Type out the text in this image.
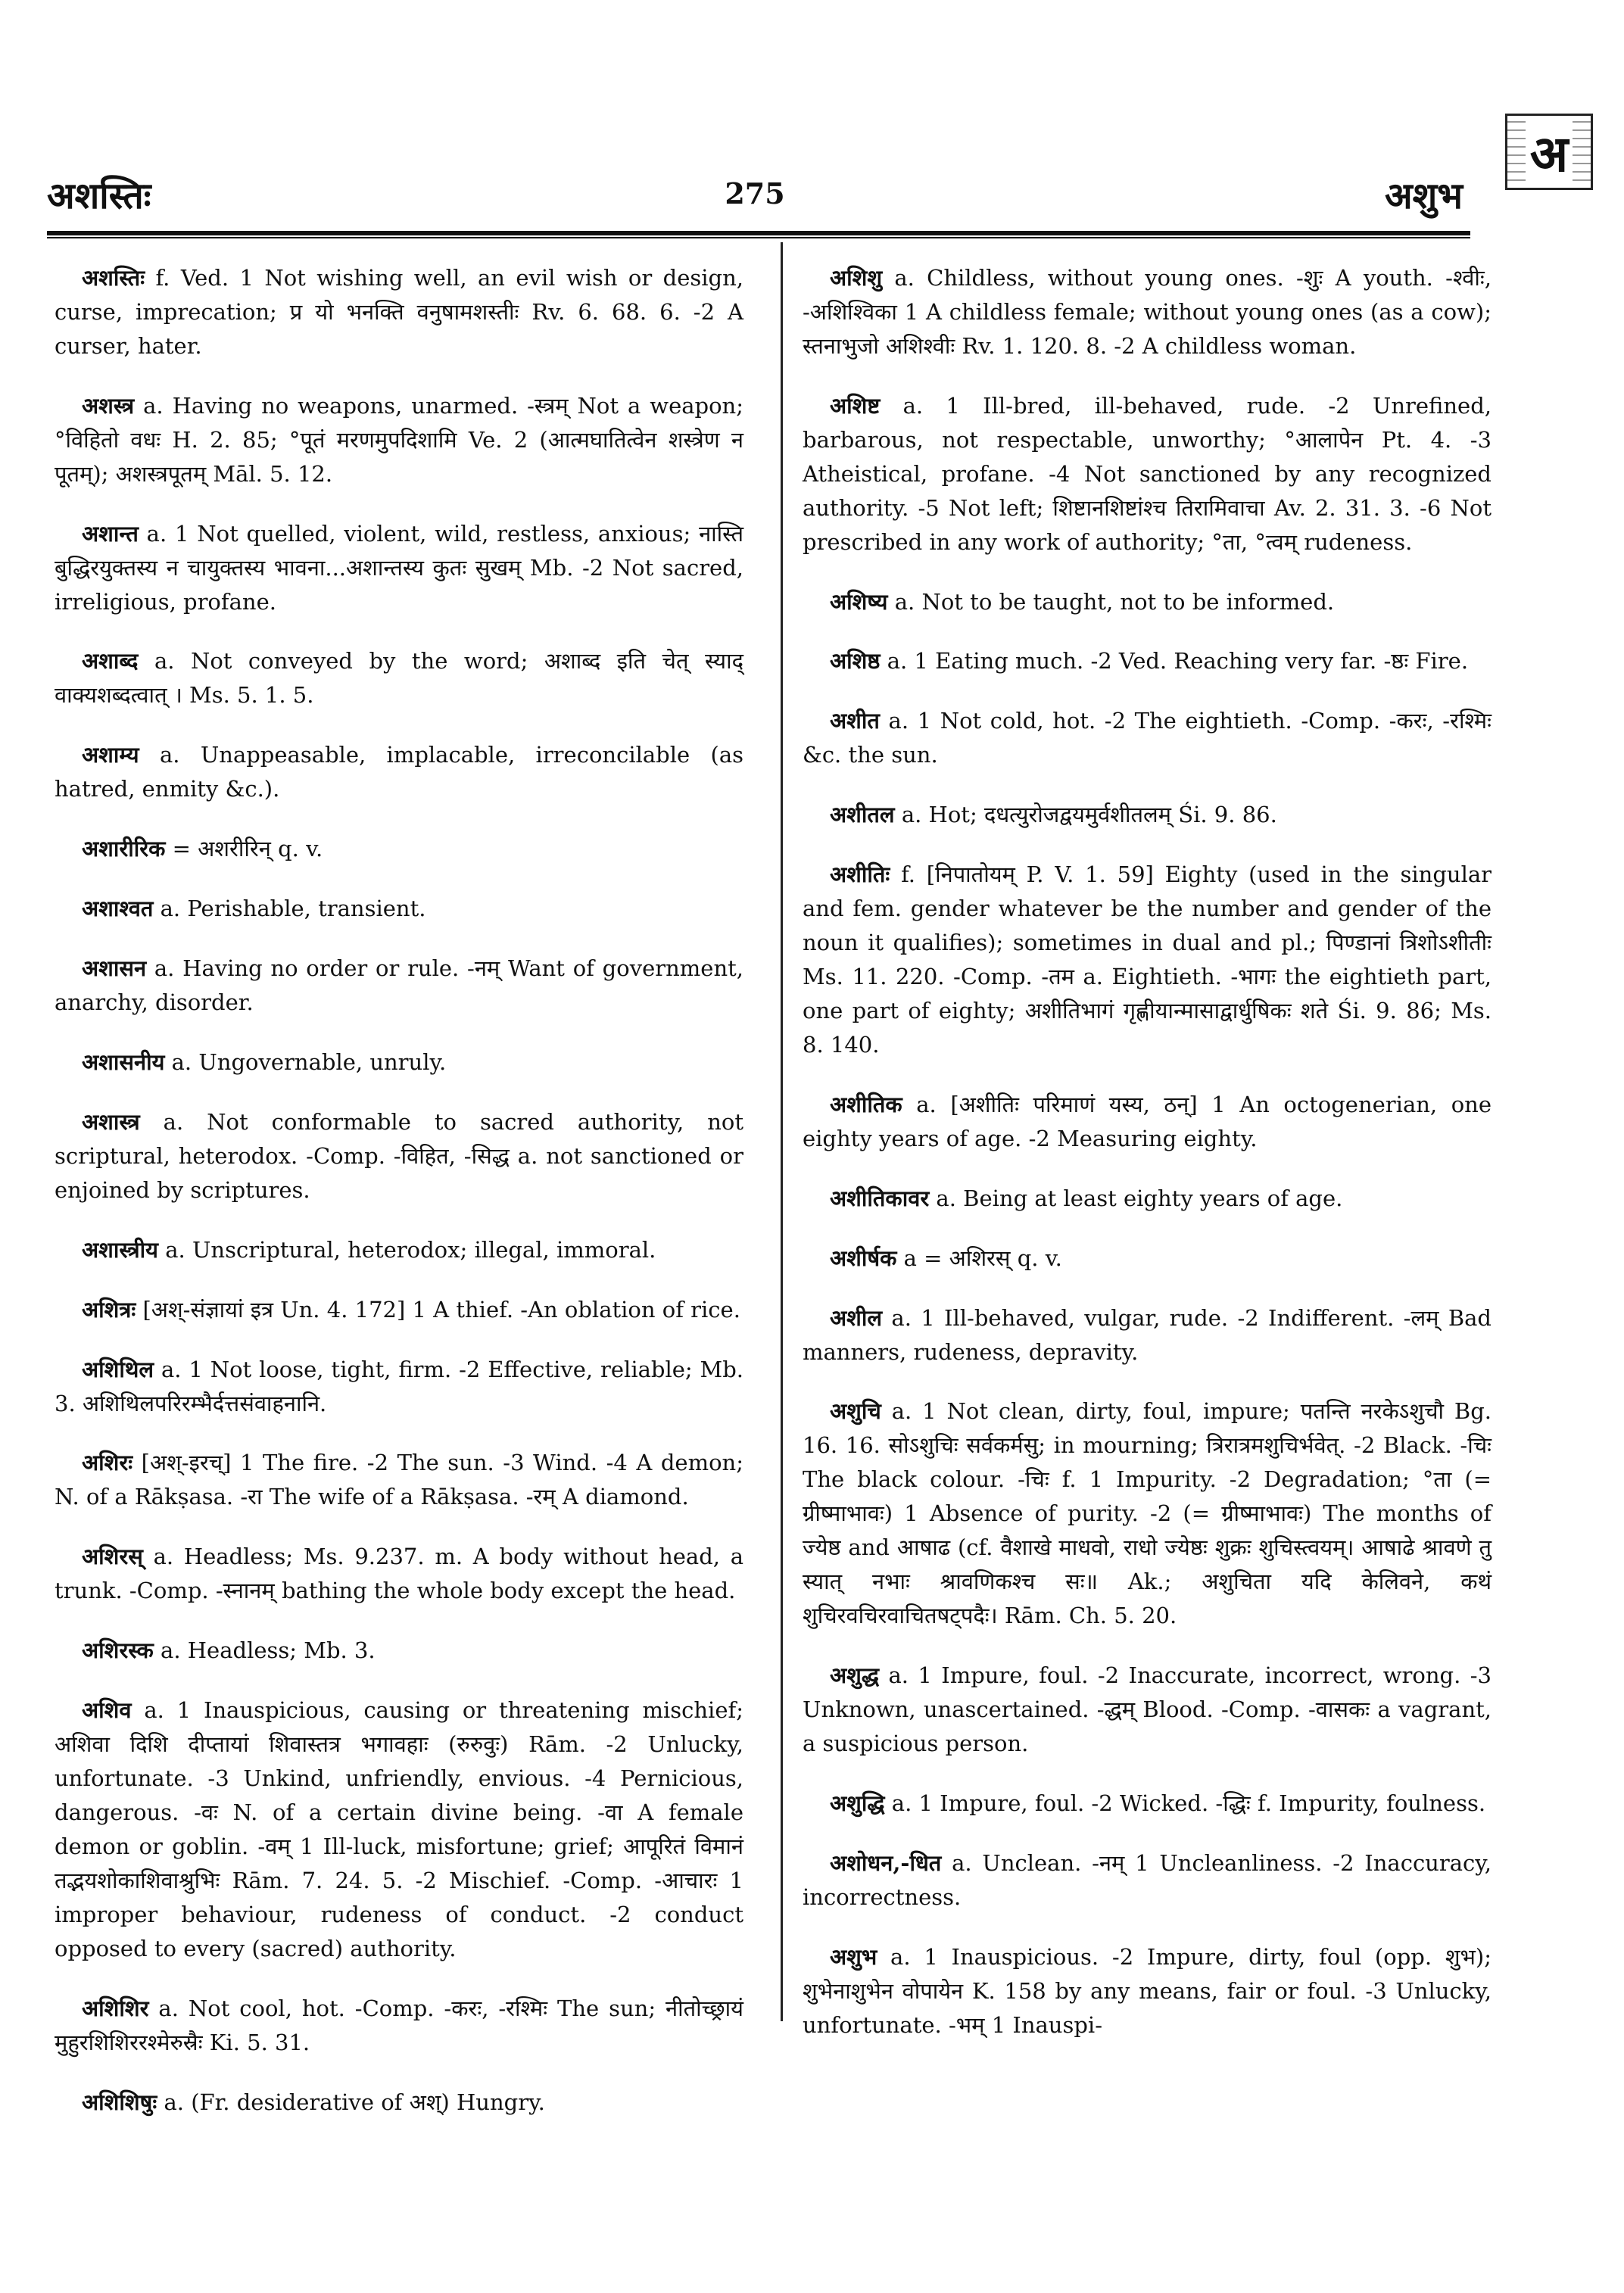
अशस्तिः	275	अशुभ
अ

अशस्तिः f. Ved. 1 Not wishing well, an evil wish or design, curse, imprecation; प्र यो भनक्ति वनुषामशस्तीः Rv. 6. 68. 6. -2 A curser, hater.

अशस्त्र a. Having no weapons, unarmed. -स्त्रम् Not a weapon; °विहितो वधः H. 2. 85; °पूतं मरणमुपदिशामि Ve. 2 (आत्मघातित्वेन शस्त्रेण न पूतम्); अशस्त्रपूतम् Māl. 5. 12.

अशान्त a. 1 Not quelled, violent, wild, restless, anxious; नास्ति बुद्धिरयुक्तस्य न चायुक्तस्य भावना...अशान्तस्य कुतः सुखम् Mb. -2 Not sacred, irreligious, profane.

अशाब्द a. Not conveyed by the word; अशाब्द इति चेत् स्याद् वाक्यशब्दत्वात् । Ms. 5. 1. 5.

अशाम्य a. Unappeasable, implacable, irreconcilable (as hatred, enmity &c.).

अशारीरिक = अशरीरिन् q. v.

अशाश्वत a. Perishable, transient.

अशासन a. Having no order or rule. -नम् Want of government, anarchy, disorder.

अशासनीय a. Ungovernable, unruly.

अशास्त्र a. Not conformable to sacred authority, not scriptural, heterodox. -Comp. -विहित, -सिद्ध a. not sanctioned or enjoined by scriptures.

अशास्त्रीय a. Unscriptural, heterodox; illegal, immoral.

अशित्रः [अश्-संज्ञायां इत्र Un. 4. 172] 1 A thief. -An oblation of rice.

अशिथिल a. 1 Not loose, tight, firm. -2 Effective, reliable; Mb. 3. अशिथिलपरिरम्भैर्दत्तसंवाहनानि.

अशिरः [अश्-इरच्] 1 The fire. -2 The sun. -3 Wind. -4 A demon; N. of a Rākṣasa. -रा The wife of a Rākṣasa. -रम् A diamond.

अशिरस् a. Headless; Ms. 9.237. m. A body without head, a trunk. -Comp. -स्नानम् bathing the whole body except the head.

अशिरस्क a. Headless; Mb. 3.

अशिव a. 1 Inauspicious, causing or threatening mischief; अशिवा दिशि दीप्तायां शिवास्तत्र भगावहाः (रुरुवुः) Rām. -2 Unlucky, unfortunate. -3 Unkind, unfriendly, envious. -4 Pernicious, dangerous. -वः N. of a certain divine being. -वा A female demon or goblin. -वम् 1 Ill-luck, misfortune; grief; आपूरितं विमानं तद्भयशोकाशिवाश्रुभिः Rām. 7. 24. 5. -2 Mischief. -Comp. -आचारः 1 improper behaviour, rudeness of conduct. -2 conduct opposed to every (sacred) authority.

अशिशिर a. Not cool, hot. -Comp. -करः, -रश्मिः The sun; नीतोच्छ्रायं मुहुरशिशिररश्मेरुस्रैः Ki. 5. 31.

अशिशिषुः a. (Fr. desiderative of अश्) Hungry.

अशिशु a. Childless, without young ones. -शुः A youth. -श्वीः, -अशिश्विका 1 A childless female; without young ones (as a cow); स्तनाभुजो अशिश्वीः Rv. 1. 120. 8. -2 A childless woman.

अशिष्ट a. 1 Ill-bred, ill-behaved, rude. -2 Unrefined, barbarous, not respectable, unworthy; °आलापेन Pt. 4. -3 Atheistical, profane. -4 Not sanctioned by any recognized authority. -5 Not left; शिष्टानशिष्टांश्च तिरामिवाचा Av. 2. 31. 3. -6 Not prescribed in any work of authority; °ता, °त्वम् rudeness.

अशिष्य a. Not to be taught, not to be informed.

अशिष्ठ a. 1 Eating much. -2 Ved. Reaching very far. -ष्ठः Fire.

अशीत a. 1 Not cold, hot. -2 The eightieth. -Comp. -करः, -रश्मिः &c. the sun.

अशीतल a. Hot; दधत्युरोजद्वयमुर्वशीतलम् Śi. 9. 86.

अशीतिः f. [निपातोयम् P. V. 1. 59] Eighty (used in the singular and fem. gender whatever be the number and gender of the noun it qualifies); sometimes in dual and pl.; पिण्डानां त्रिशोऽशीतीः Ms. 11. 220. -Comp. -तम a. Eightieth. -भागः the eightieth part, one part of eighty; अशीतिभागं गृह्णीयान्मासाद्वार्धुषिकः शते Śi. 9. 86; Ms. 8. 140.

अशीतिक a. [अशीतिः परिमाणं यस्य, ठन्] 1 An octogenerian, one eighty years of age. -2 Measuring eighty.

अशीतिकावर a. Being at least eighty years of age.

अशीर्षक a = अशिरस् q. v.

अशील a. 1 Ill-behaved, vulgar, rude. -2 Indifferent. -लम् Bad manners, rudeness, depravity.

अशुचि a. 1 Not clean, dirty, foul, impure; पतन्ति नरकेऽशुचौ Bg. 16. 16. सोऽशुचिः सर्वकर्मसु; in mourning; त्रिरात्रमशुचिर्भवेत्. -2 Black. -चिः The black colour. -चिः f. 1 Impurity. -2 Degradation; °ता (= ग्रीष्माभावः) 1 Absence of purity. -2 (= ग्रीष्माभावः) The months of ज्येष्ठ and आषाढ (cf. वैशाखे माधवो, राधो ज्येष्ठः शुक्रः शुचिस्त्वयम्। आषाढे श्रावणे तु स्यात् नभाः श्रावणिकश्च सः॥ Ak.; अशुचिता यदि केलिवने, कथं शुचिरवचिरवाचितषट्पदैः। Rām. Ch. 5. 20.

अशुद्ध a. 1 Impure, foul. -2 Inaccurate, incorrect, wrong. -3 Unknown, unascertained. -द्धम् Blood. -Comp. -वासकः a vagrant, a suspicious person.

अशुद्धि a. 1 Impure, foul. -2 Wicked. -द्धिः f. Impurity, foulness.

अशोधन,-धित a. Unclean. -नम् 1 Uncleanliness. -2 Inaccuracy, incorrectness.

अशुभ a. 1 Inauspicious. -2 Impure, dirty, foul (opp. शुभ); शुभेनाशुभेन वोपायेन K. 158 by any means, fair or foul. -3 Unlucky, unfortunate. -भम् 1 Inauspi-
